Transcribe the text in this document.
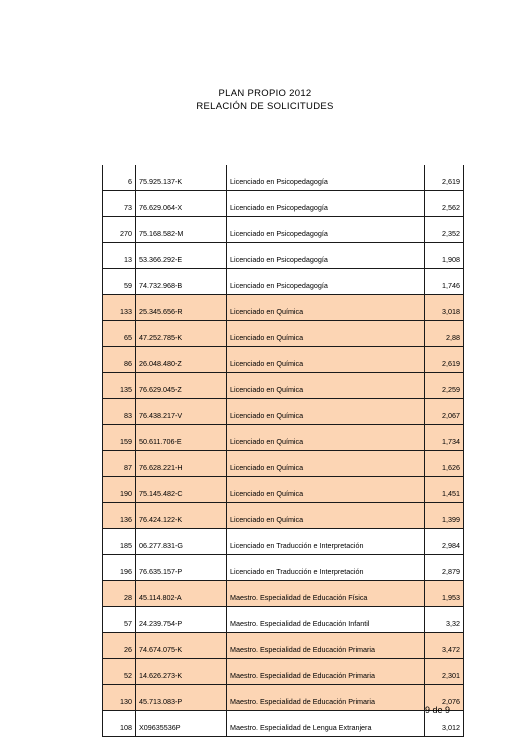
PLAN PROPIO 2012
RELACIÓN DE SOLICITUDES
6	75.925.137-K	Licenciado en Psicopedagogía	2,619
73	76.629.064-X	Licenciado en Psicopedagogía	2,562
270	75.168.582-M	Licenciado en Psicopedagogía	2,352
13	53.366.292-E	Licenciado en Psicopedagogía	1,908
59	74.732.968-B	Licenciado en Psicopedagogía	1,746
133	25.345.656-R	Licenciado en Química	3,018
65	47.252.785-K	Licenciado en Química	2,88
86	26.048.480-Z	Licenciado en Química	2,619
135	76.629.045-Z	Licenciado en Química	2,259
83	76.438.217-V	Licenciado en Química	2,067
159	50.611.706-E	Licenciado en Química	1,734
87	76.628.221-H	Licenciado en Química	1,626
190	75.145.482-C	Licenciado en Química	1,451
136	76.424.122-K	Licenciado en Química	1,399
185	06.277.831-G	Licenciado en Traducción e Interpretación	2,984
196	76.635.157-P	Licenciado en Traducción e Interpretación	2,879
28	45.114.802-A	Maestro. Especialidad de Educación Física	1,953
57	24.239.754-P	Maestro. Especialidad de Educación Infantil	3,32
26	74.674.075-K	Maestro. Especialidad de Educación Primaria	3,472
52	14.626.273-K	Maestro. Especialidad de Educación Primaria	2,301
130	45.713.083-P	Maestro. Especialidad de Educación Primaria	2,076
108	X09635536P	Maestro. Especialidad de Lengua Extranjera	3,012
9 de 9
